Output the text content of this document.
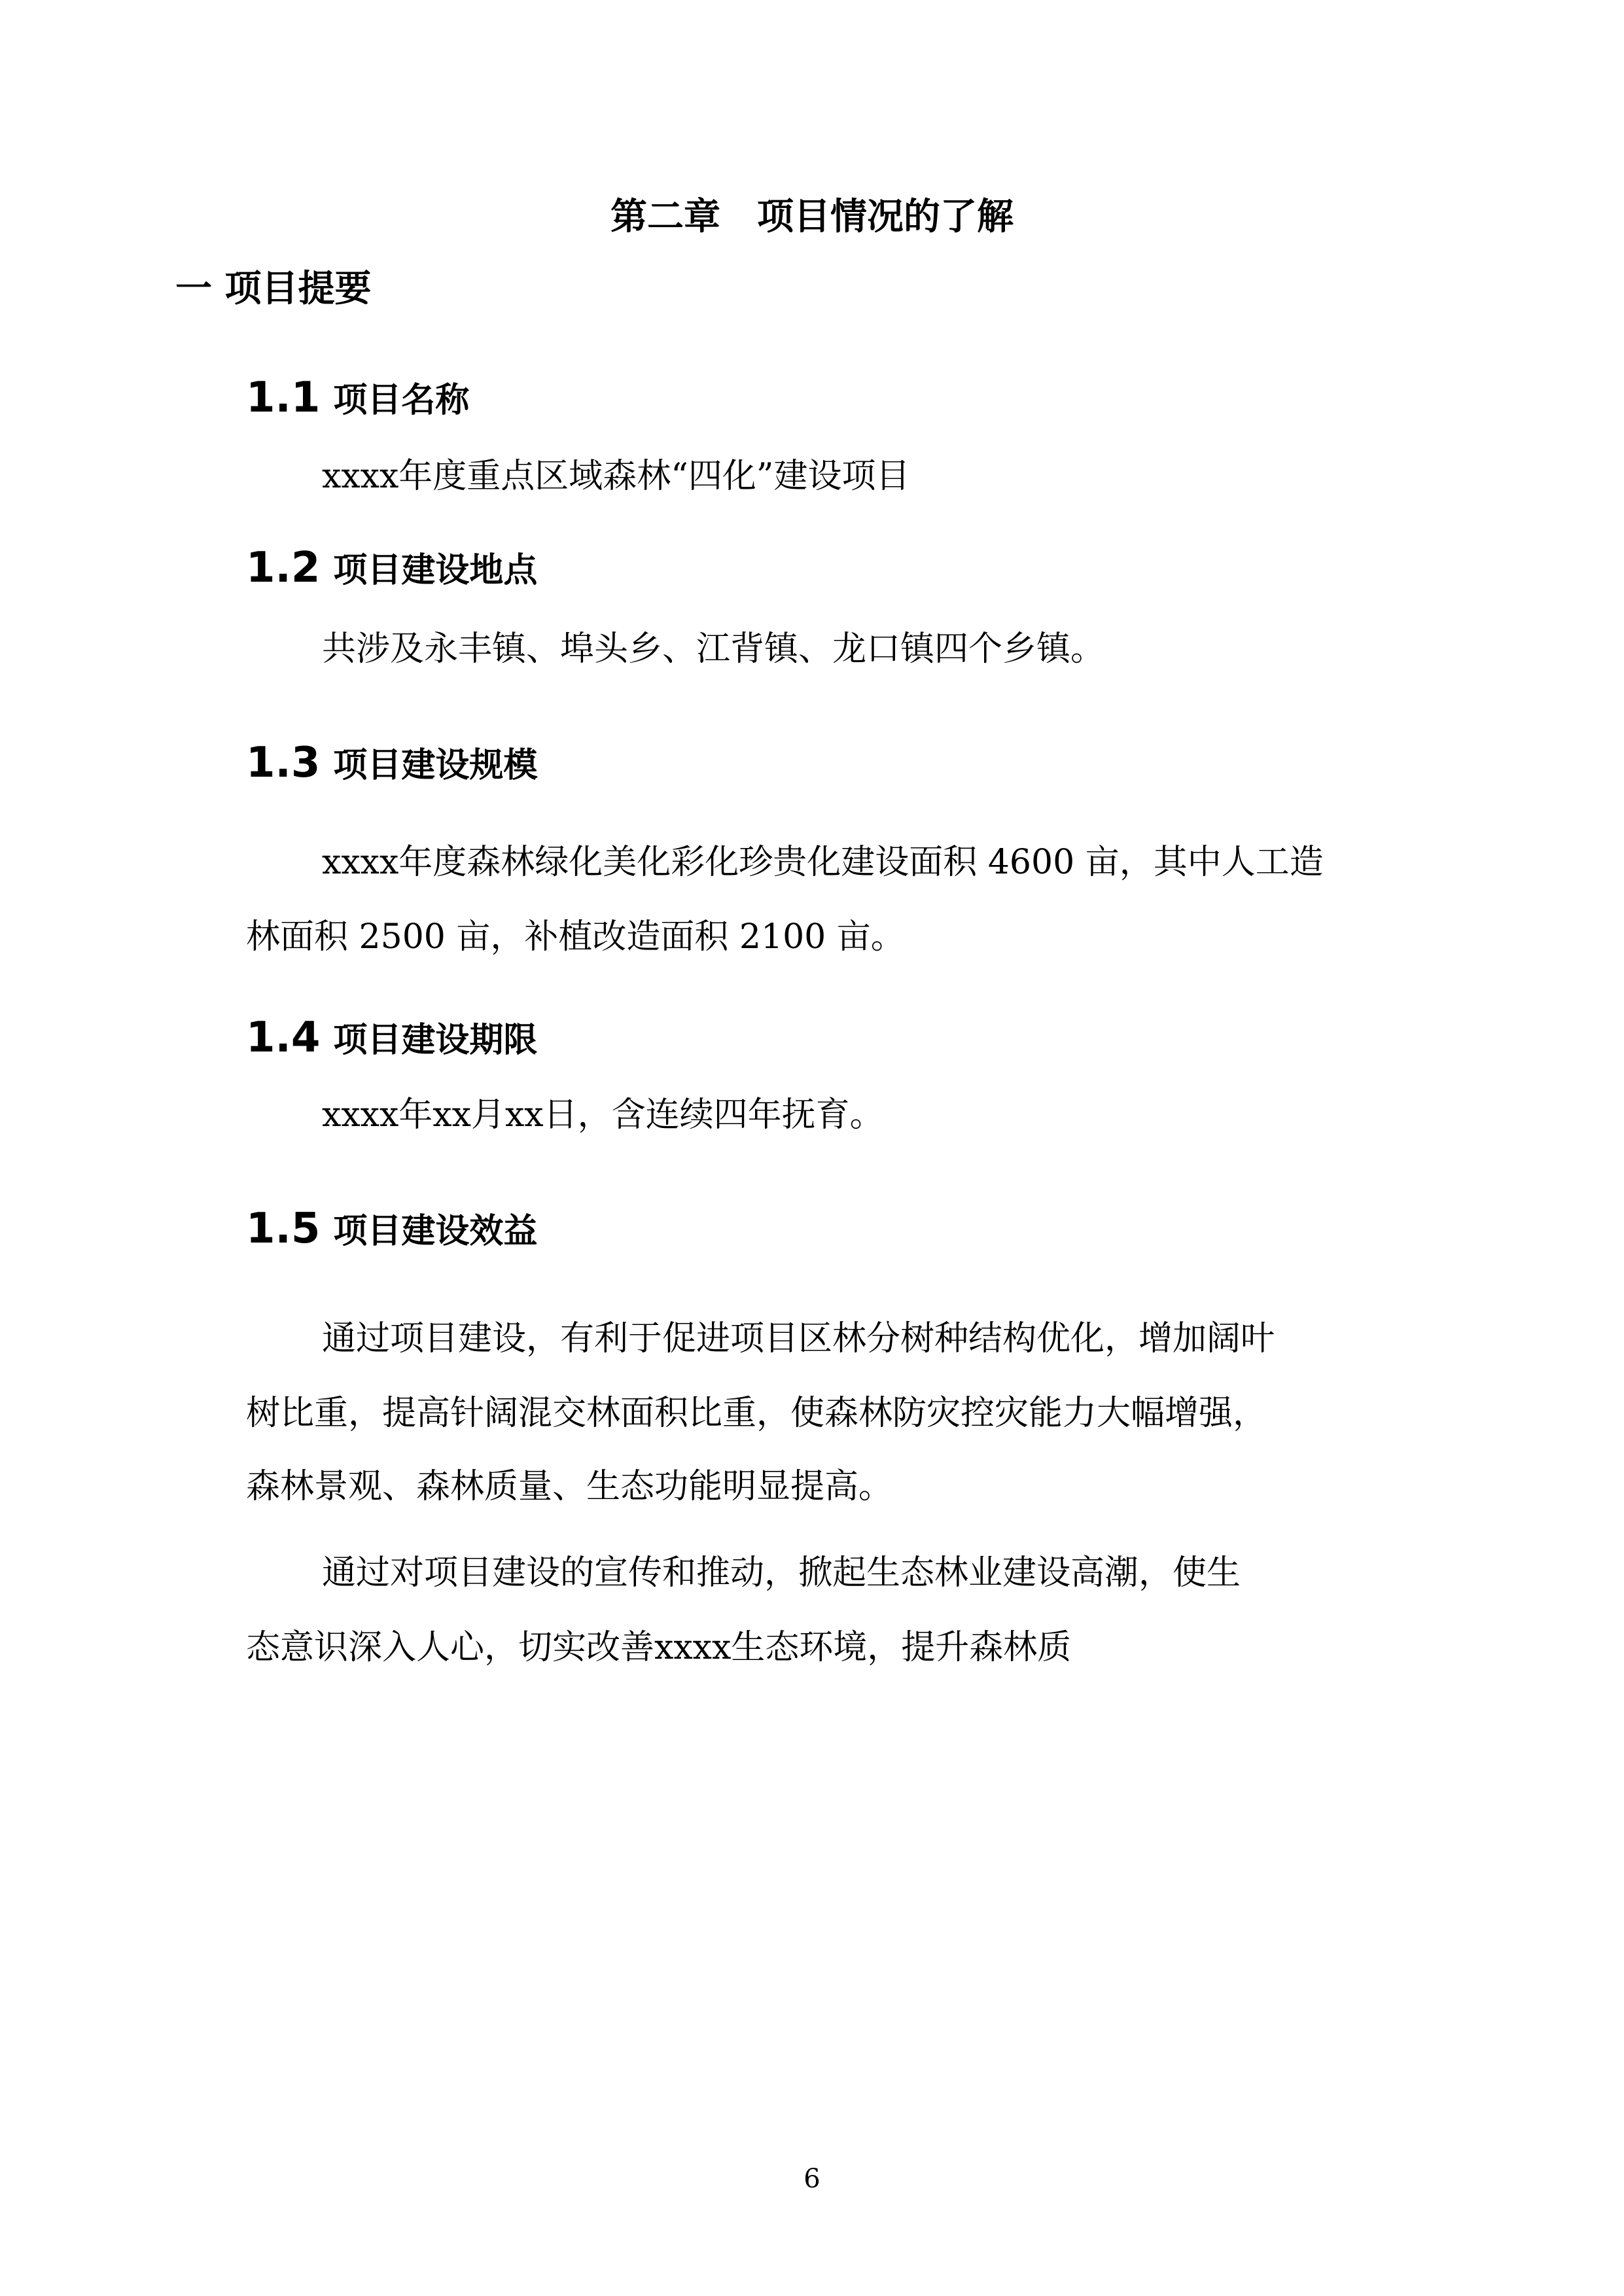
第二章　项目情况的了解
一 项目提要
1.1 项目名称
xxxx年度重点区域森林“四化”建设项目
1.2 项目建设地点
共涉及永丰镇、埠头乡、江背镇、龙口镇四个乡镇。
1.3 项目建设规模
xxxx年度森林绿化美化彩化珍贵化建设面积 4600 亩，其中人工造
林面积 2500 亩，补植改造面积 2100 亩。
1.4 项目建设期限
xxxx年xx月xx日，含连续四年抚育。
1.5 项目建设效益
通过项目建设，有利于促进项目区林分树种结构优化，增加阔叶
树比重，提高针阔混交林面积比重，使森林防灾控灾能力大幅增强，
森林景观、森林质量、生态功能明显提高。
通过对项目建设的宣传和推动，掀起生态林业建设高潮，使生
态意识深入人心，切实改善xxxx生态环境，提升森林质
6
